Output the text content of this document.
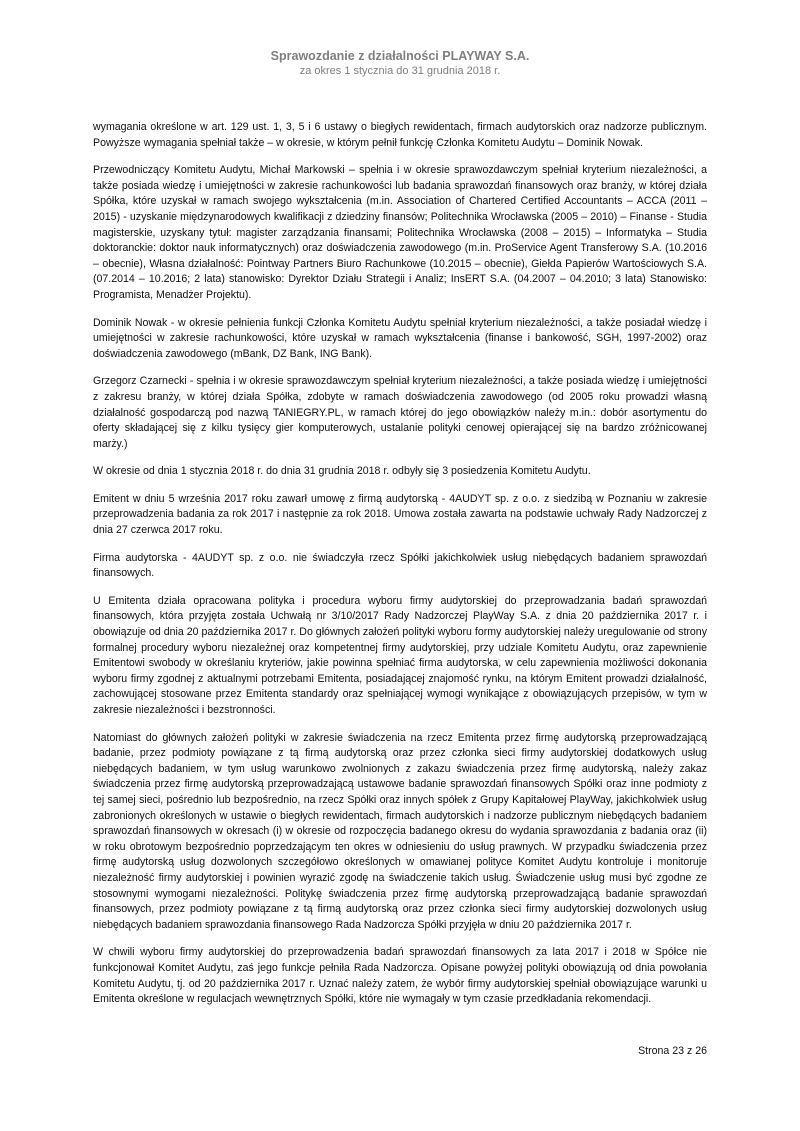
Sprawozdanie z działalności PLAYWAY S.A.
za okres 1 stycznia do 31 grudnia 2018 r.

wymagania określone w art. 129 ust. 1, 3, 5 i 6 ustawy o biegłych rewidentach, firmach audytorskich oraz nadzorze publicznym. Powyższe wymagania spełniał także – w okresie, w którym pełnił funkcję Członka Komitetu Audytu – Dominik Nowak.

Przewodniczący Komitetu Audytu, Michał Markowski – spełnia i w okresie sprawozdawczym spełniał kryterium niezależności, a także posiada wiedzę i umiejętności w zakresie rachunkowości lub badania sprawozdań finansowych oraz branży, w której działa Spółka, które uzyskał w ramach swojego wykształcenia (m.in. Association of Chartered Certified Accountants – ACCA (2011 – 2015) - uzyskanie międzynarodowych kwalifikacji z dziedziny finansów; Politechnika Wrocławska (2005 – 2010) – Finanse - Studia magisterskie, uzyskany tytuł: magister zarządzania finansami; Politechnika Wrocławska (2008 – 2015) – Informatyka – Studia doktoranckie: doktor nauk informatycznych) oraz doświadczenia zawodowego (m.in. ProService Agent Transferowy S.A. (10.2016 – obecnie), Własna działalność: Pointway Partners Biuro Rachunkowe (10.2015 – obecnie), Giełda Papierów Wartościowych S.A. (07.2014 – 10.2016; 2 lata) stanowisko: Dyrektor Działu Strategii i Analiz; InsERT S.A. (04.2007 – 04.2010; 3 lata) Stanowisko: Programista, Menadżer Projektu).

Dominik Nowak - w okresie pełnienia funkcji Członka Komitetu Audytu spełniał kryterium niezależności, a także posiadał wiedzę i umiejętności w zakresie rachunkowości, które uzyskał w ramach wykształcenia (finanse i bankowość, SGH, 1997-2002) oraz doświadczenia zawodowego (mBank, DZ Bank, ING Bank).

Grzegorz Czarnecki - spełnia i w okresie sprawozdawczym spełniał kryterium niezależności, a także posiada wiedzę i umiejętności z zakresu branży, w której działa Spółka, zdobyte w ramach doświadczenia zawodowego (od 2005 roku prowadzi własną działalność gospodarczą pod nazwą TANIEGRY.PL, w ramach której do jego obowiązków należy m.in.: dobór asortymentu do oferty składającej się z kilku tysięcy gier komputerowych, ustalanie polityki cenowej opierającej się na bardzo zróżnicowanej marży.)

W okresie od dnia 1 stycznia 2018 r. do dnia 31 grudnia 2018 r. odbyły się 3 posiedzenia Komitetu Audytu.

Emitent w dniu 5 września 2017 roku zawarł umowę z firmą audytorską - 4AUDYT sp. z o.o. z siedzibą w Poznaniu w zakresie przeprowadzenia badania za rok 2017 i następnie za rok 2018. Umowa została zawarta na podstawie uchwały Rady Nadzorczej z dnia 27 czerwca 2017 roku.

Firma audytorska - 4AUDYT sp. z o.o. nie świadczyła rzecz Spółki jakichkolwiek usług niebędących badaniem sprawozdań finansowych.

U Emitenta działa opracowana polityka i procedura wyboru firmy audytorskiej do przeprowadzania badań sprawozdań finansowych, która przyjęta została Uchwałą nr 3/10/2017 Rady Nadzorczej PlayWay S.A. z dnia 20 października 2017 r. i obowiązuje od dnia 20 października 2017 r. Do głównych założeń polityki wyboru formy audytorskiej należy uregulowanie od strony formalnej procedury wyboru niezależnej oraz kompetentnej firmy audytorskiej, przy udziale Komitetu Audytu, oraz zapewnienie Emitentowi swobody w określaniu kryteriów, jakie powinna spełniać firma audytorska, w celu zapewnienia możliwości dokonania wyboru firmy zgodnej z aktualnymi potrzebami Emitenta, posiadającej znajomość rynku, na którym Emitent prowadzi działalność, zachowującej stosowane przez Emitenta standardy oraz spełniającej wymogi wynikające z obowiązujących przepisów, w tym w zakresie niezależności i bezstronności.

Natomiast do głównych założeń polityki w zakresie świadczenia na rzecz Emitenta przez firmę audytorską przeprowadzającą badanie, przez podmioty powiązane z tą firmą audytorską oraz przez członka sieci firmy audytorskiej dodatkowych usług niebędących badaniem, w tym usług warunkowo zwolnionych z zakazu świadczenia przez firmę audytorską, należy zakaz świadczenia przez firmę audytorską przeprowadzającą ustawowe badanie sprawozdań finansowych Spółki oraz inne podmioty z tej samej sieci, pośrednio lub bezpośrednio, na rzecz Spółki oraz innych spółek z Grupy Kapitałowej PlayWay, jakichkolwiek usług zabronionych określonych w ustawie o biegłych rewidentach, firmach audytorskich i nadzorze publicznym niebędących badaniem sprawozdań finansowych w okresach (i) w okresie od rozpoczęcia badanego okresu do wydania sprawozdania z badania oraz (ii) w roku obrotowym bezpośrednio poprzedzającym ten okres w odniesieniu do usług prawnych. W przypadku świadczenia przez firmę audytorską usług dozwolonych szczegółowo określonych w omawianej polityce Komitet Audytu kontroluje i monitoruje niezależność firmy audytorskiej i powinien wyrazić zgodę na świadczenie takich usług. Świadczenie usług musi być zgodne ze stosownymi wymogami niezależności. Politykę świadczenia przez firmę audytorską przeprowadzającą badanie sprawozdań finansowych, przez podmioty powiązane z tą firmą audytorską oraz przez członka sieci firmy audytorskiej dozwolonych usług niebędących badaniem sprawozdania finansowego Rada Nadzorcza Spółki przyjęła w dniu 20 października 2017 r.

W chwili wyboru firmy audytorskiej do przeprowadzenia badań sprawozdań finansowych za lata 2017 i 2018 w Spółce nie funkcjonował Komitet Audytu, zaś jego funkcje pełniła Rada Nadzorcza. Opisane powyżej polityki obowiązują od dnia powołania Komitetu Audytu, tj. od 20 października 2017 r. Uznać należy zatem, że wybór firmy audytorskiej spełniał obowiązujące warunki u Emitenta określone w regulacjach wewnętrznych Spółki, które nie wymagały w tym czasie przedkładania rekomendacji.

Strona 23 z 26
